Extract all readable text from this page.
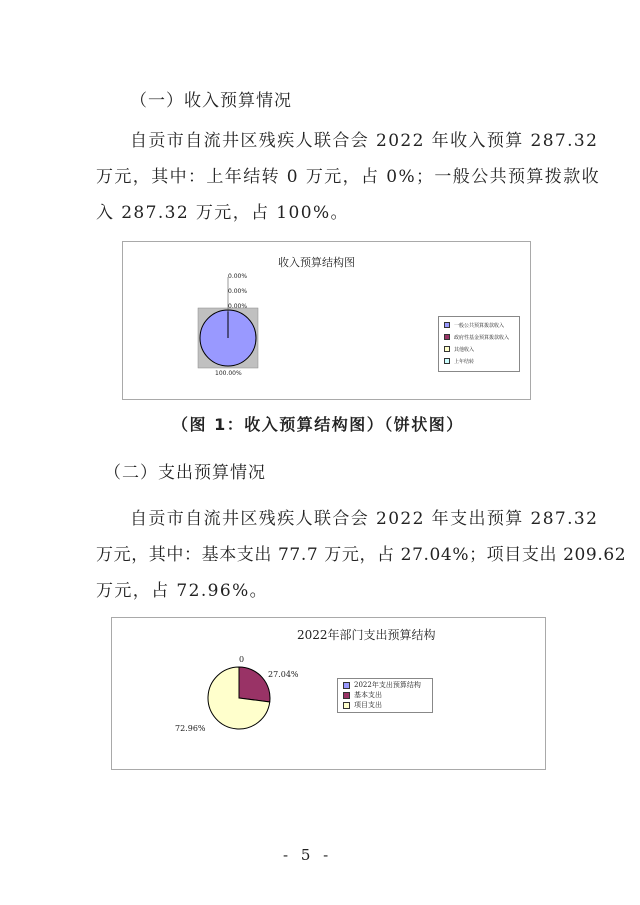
（一）收入预算情况
自贡市自流井区残疾人联合会 2022 年收入预算 287.32
万元，其中：上年结转 0 万元，占 0%；一般公共预算拨款收
入 287.32 万元，占 100%。
收入预算结构图
0.00%
0.00%
0.00%
100.00%
一般公共预算拨款收入
政府性基金预算拨款收入
其他收入
上年结转
（图 1：收入预算结构图）（饼状图）
（二）支出预算情况
自贡市自流井区残疾人联合会 2022 年支出预算 287.32
万元，其中：基本支出 77.7 万元，占 27.04%；项目支出 209.62
万元，占 72.96%。
2022年部门支出预算结构
0
27.04%
72.96%
2022年支出预算结构
基本支出
项目支出
- 5 -
